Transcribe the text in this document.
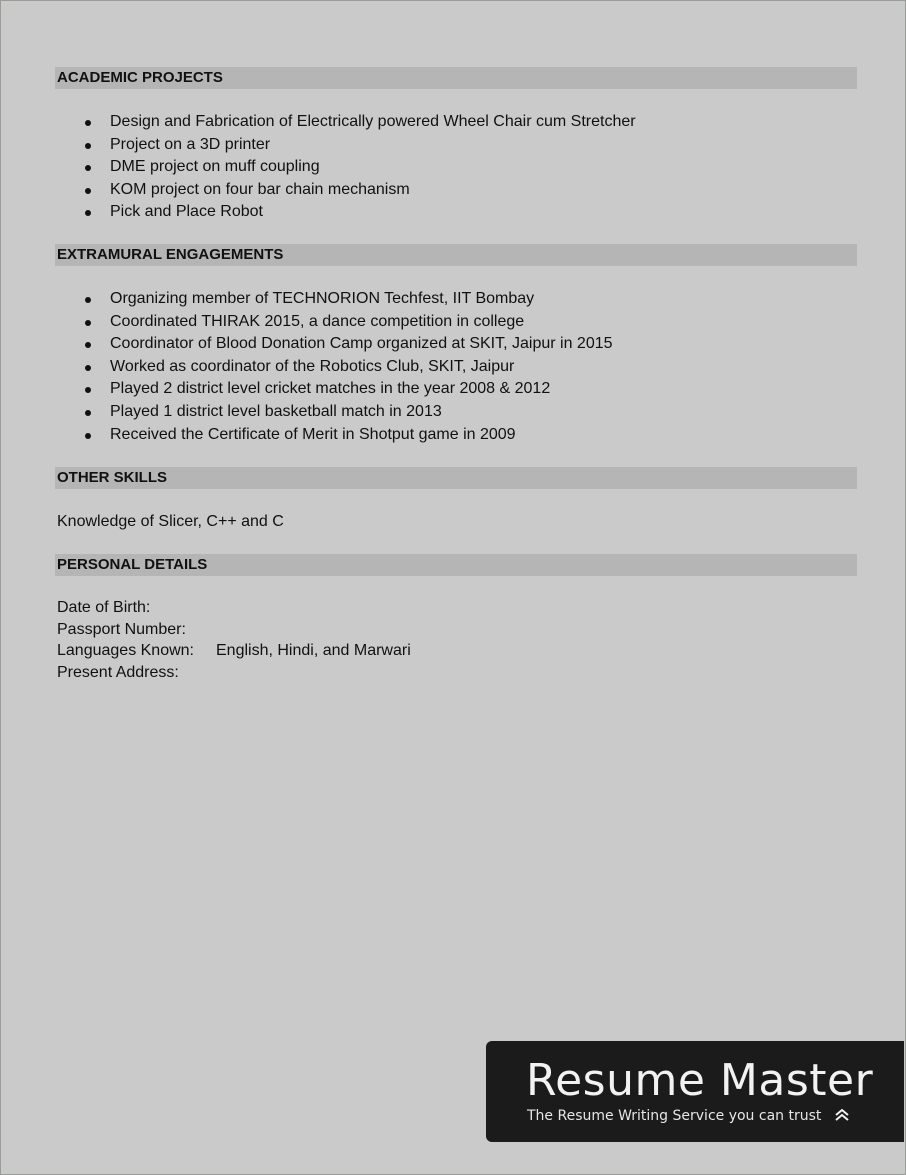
ACADEMIC PROJECTS
Design and Fabrication of Electrically powered Wheel Chair cum Stretcher
Project on a 3D printer
DME project on muff coupling
KOM project on four bar chain mechanism
Pick and Place Robot
EXTRAMURAL ENGAGEMENTS
Organizing member of TECHNORION Techfest, IIT Bombay
Coordinated THIRAK 2015, a dance competition in college
Coordinator of Blood Donation Camp organized at SKIT, Jaipur in 2015
Worked as coordinator of the Robotics Club, SKIT, Jaipur
Played 2 district level cricket matches in the year 2008 & 2012
Played 1 district level basketball match in 2013
Received the Certificate of Merit in Shotput game in 2009
OTHER SKILLS
Knowledge of Slicer, C++ and C
PERSONAL DETAILS
Date of Birth:
Passport Number:
Languages Known:	English, Hindi, and Marwari
Present Address:
Resume Master
The Resume Writing Service you can trust
